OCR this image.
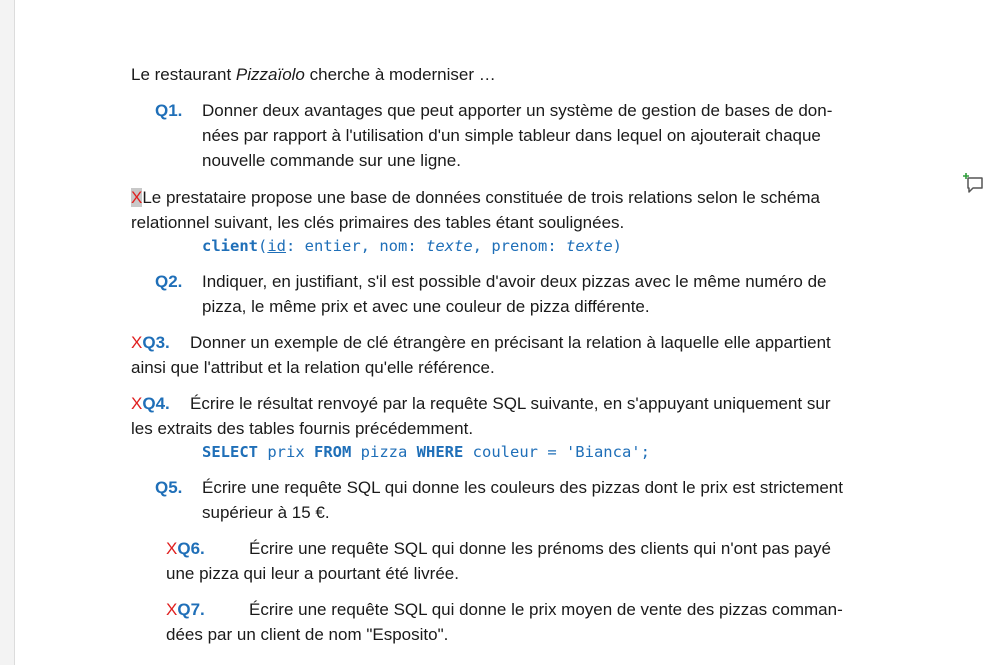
Le restaurant Pizzaïolo cherche à moderniser …
Q1. Donner deux avantages que peut apporter un système de gestion de bases de don-
nées par rapport à l'utilisation d'un simple tableur dans lequel on ajouterait chaque
nouvelle commande sur une ligne.
XLe prestataire propose une base de données constituée de trois relations selon le schéma
relationnel suivant, les clés primaires des tables étant soulignées.
client(id: entier, nom: texte, prenom: texte)
Q2. Indiquer, en justifiant, s'il est possible d'avoir deux pizzas avec le même numéro de
pizza, le même prix et avec une couleur de pizza différente.
XQ3. Donner un exemple de clé étrangère en précisant la relation à laquelle elle appartient
ainsi que l'attribut et la relation qu'elle référence.
XQ4. Écrire le résultat renvoyé par la requête SQL suivante, en s'appuyant uniquement sur
les extraits des tables fournis précédemment.
SELECT prix FROM pizza WHERE couleur = 'Bianca';
Q5. Écrire une requête SQL qui donne les couleurs des pizzas dont le prix est strictement
supérieur à 15 €.
XQ6.	Écrire une requête SQL qui donne les prénoms des clients qui n'ont pas payé
une pizza qui leur a pourtant été livrée.
XQ7.	Écrire une requête SQL qui donne le prix moyen de vente des pizzas comman-
dées par un client de nom "Esposito".
